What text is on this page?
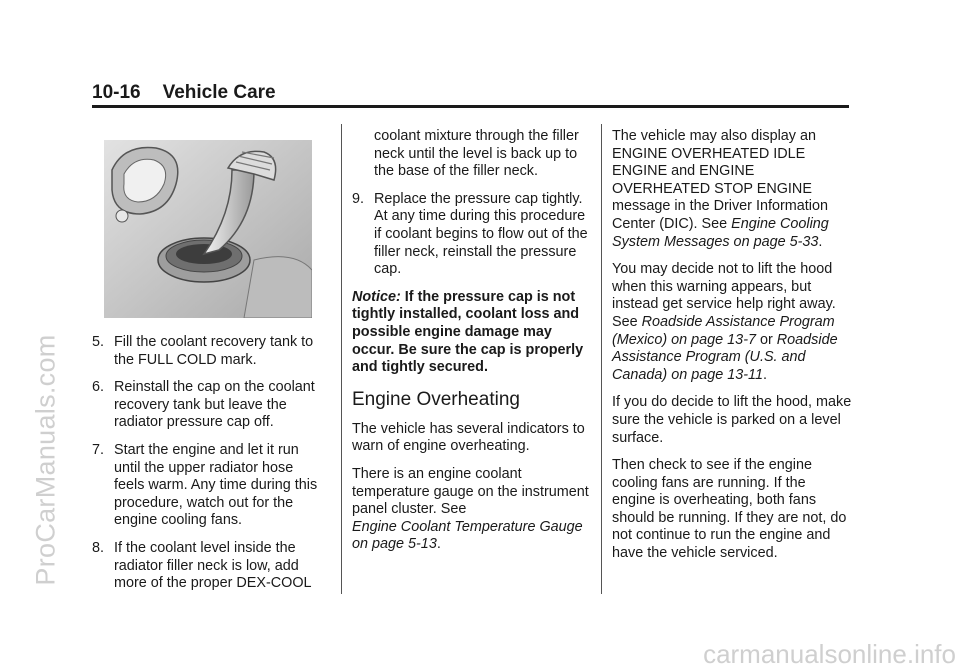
ProCarManuals.com
carmanualsonline.info
10-16 Vehicle Care
5. Fill the coolant recovery tank to the FULL COLD mark.
6. Reinstall the cap on the coolant recovery tank but leave the radiator pressure cap off.
7. Start the engine and let it run until the upper radiator hose feels warm. Any time during this procedure, watch out for the engine cooling fans.
8. If the coolant level inside the radiator filler neck is low, add more of the proper DEX-COOL

coolant mixture through the filler neck until the level is back up to the base of the filler neck.

9. Replace the pressure cap tightly. At any time during this procedure if coolant begins to flow out of the filler neck, reinstall the pressure cap.

Notice: If the pressure cap is not tightly installed, coolant loss and possible engine damage may occur. Be sure the cap is properly and tightly secured.

Engine Overheating

The vehicle has several indicators to warn of engine overheating.

There is an engine coolant temperature gauge on the instrument panel cluster. See
Engine Coolant Temperature Gauge on page 5-13.

The vehicle may also display an ENGINE OVERHEATED IDLE ENGINE and ENGINE OVERHEATED STOP ENGINE message in the Driver Information Center (DIC). See Engine Cooling System Messages on page 5-33.

You may decide not to lift the hood when this warning appears, but instead get service help right away. See Roadside Assistance Program (Mexico) on page 13-7 or Roadside Assistance Program (U.S. and Canada) on page 13-11.

If you do decide to lift the hood, make sure the vehicle is parked on a level surface.

Then check to see if the engine cooling fans are running. If the engine is overheating, both fans should be running. If they are not, do not continue to run the engine and have the vehicle serviced.
